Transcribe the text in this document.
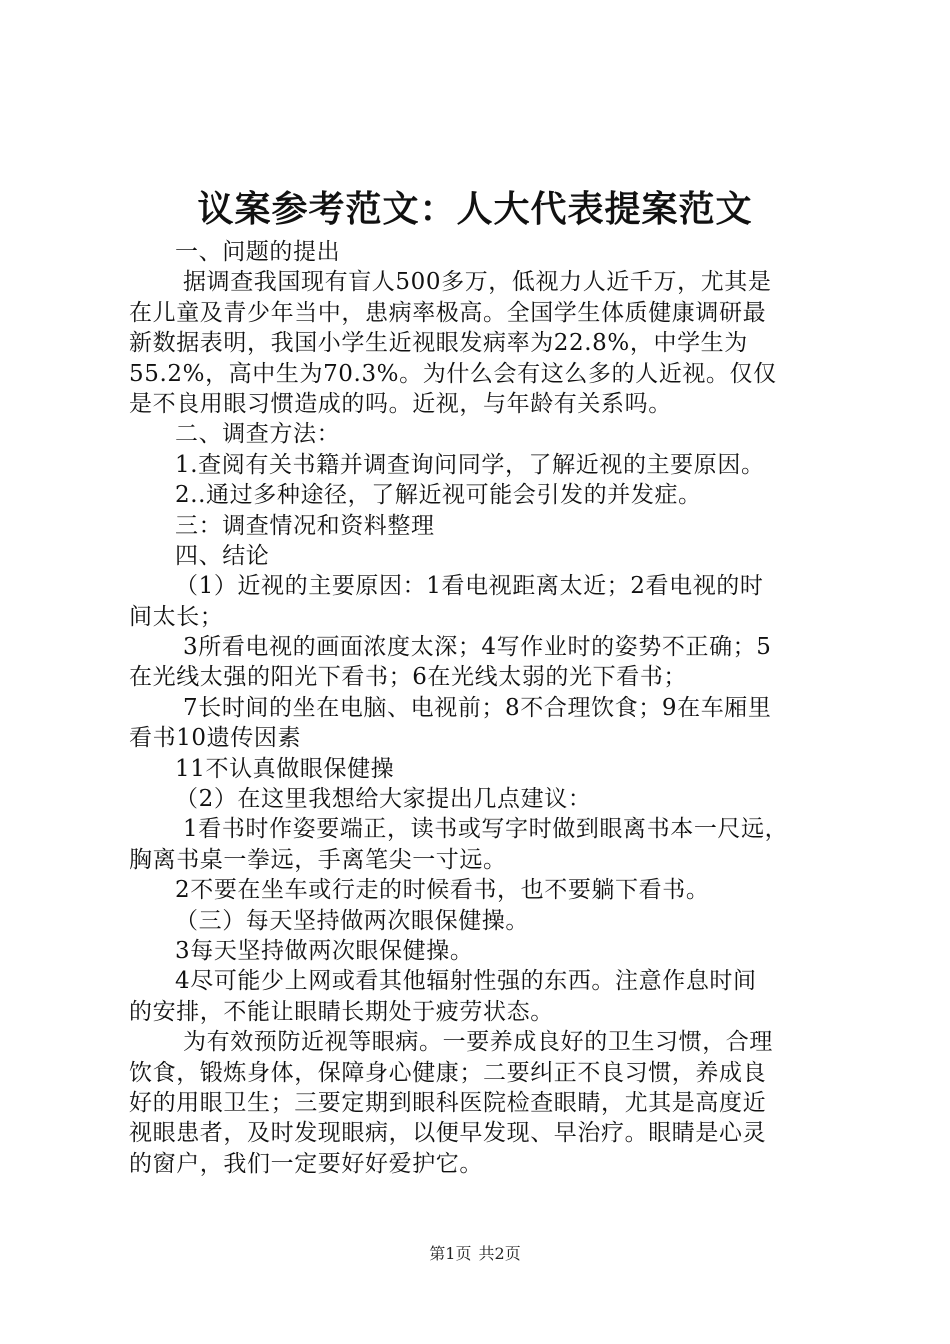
议案参考范文：人大代表提案范文
一、问题的提出
据调查我国现有盲人500多万，低视力人近千万，尤其是
在儿童及青少年当中，患病率极高。全国学生体质健康调研最
新数据表明，我国小学生近视眼发病率为22.8%，中学生为
55.2%，高中生为70.3%。为什么会有这么多的人近视。仅仅
是不良用眼习惯造成的吗。近视，与年龄有关系吗。
二、调查方法：
1.查阅有关书籍并调查询问同学，了解近视的主要原因。
2..通过多种途径，了解近视可能会引发的并发症。
三：调查情况和资料整理
四、结论
（1）近视的主要原因：1看电视距离太近；2看电视的时
间太长；
3所看电视的画面浓度太深；4写作业时的姿势不正确；5
在光线太强的阳光下看书；6在光线太弱的光下看书；
7长时间的坐在电脑、电视前；8不合理饮食；9在车厢里
看书10遗传因素
11不认真做眼保健操
（2）在这里我想给大家提出几点建议：
1看书时作姿要端正，读书或写字时做到眼离书本一尺远，
胸离书桌一拳远，手离笔尖一寸远。
2不要在坐车或行走的时候看书，也不要躺下看书。
（三）每天坚持做两次眼保健操。
3每天坚持做两次眼保健操。
4尽可能少上网或看其他辐射性强的东西。注意作息时间
的安排，不能让眼睛长期处于疲劳状态。
为有效预防近视等眼病。一要养成良好的卫生习惯，合理
饮食，锻炼身体，保障身心健康；二要纠正不良习惯，养成良
好的用眼卫生；三要定期到眼科医院检查眼睛，尤其是高度近
视眼患者，及时发现眼病，以便早发现、早治疗。眼睛是心灵
的窗户，我们一定要好好爱护它。
第1页 共2页
